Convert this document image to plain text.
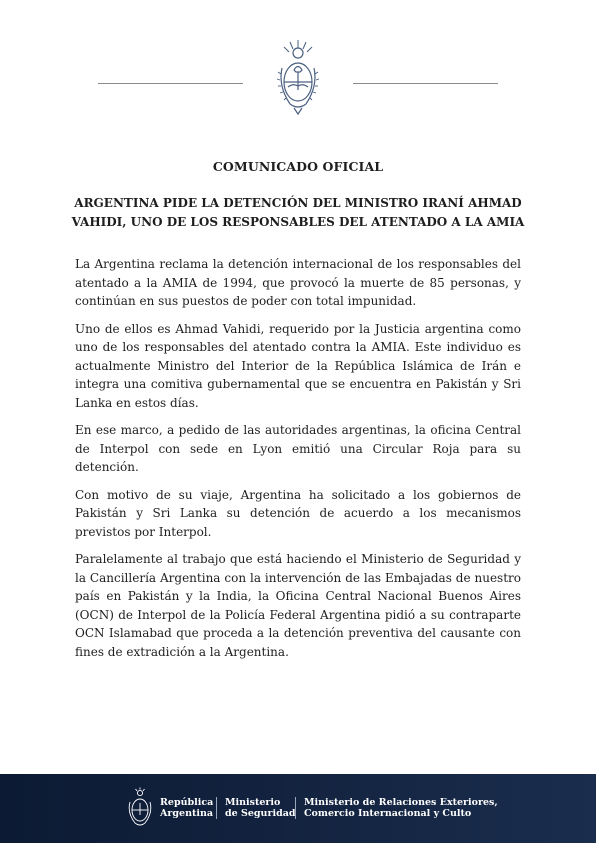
COMUNICADO OFICIAL
ARGENTINA PIDE LA DETENCIÓN DEL MINISTRO IRANÍ AHMAD
VAHIDI, UNO DE LOS RESPONSABLES DEL ATENTADO A LA AMIA

La Argentina reclama la detención internacional de los responsables del atentado a la AMIA de 1994, que provocó la muerte de 85 personas, y continúan en sus puestos de poder con total impunidad.

Uno de ellos es Ahmad Vahidi, requerido por la Justicia argentina como uno de los responsables del atentado contra la AMIA. Este individuo es actualmente Ministro del Interior de la República Islámica de Irán e integra una comitiva gubernamental que se encuentra en Pakistán y Sri Lanka en estos días.

En ese marco, a pedido de las autoridades argentinas, la oficina Central de Interpol con sede en Lyon emitió una Circular Roja para su detención.

Con motivo de su viaje, Argentina ha solicitado a los gobiernos de Pakistán y Sri Lanka su detención de acuerdo a los mecanismos previstos por Interpol.

Paralelamente al trabajo que está haciendo el Ministerio de Seguridad y la Cancillería Argentina con la intervención de las Embajadas de nuestro país en Pakistán y la India, la Oficina Central Nacional Buenos Aires (OCN) de Interpol de la Policía Federal Argentina pidió a su contraparte OCN Islamabad que proceda a la detención preventiva del causante con fines de extradición a la Argentina.

República
Argentina
Ministerio
de Seguridad
Ministerio de Relaciones Exteriores,
Comercio Internacional y Culto
